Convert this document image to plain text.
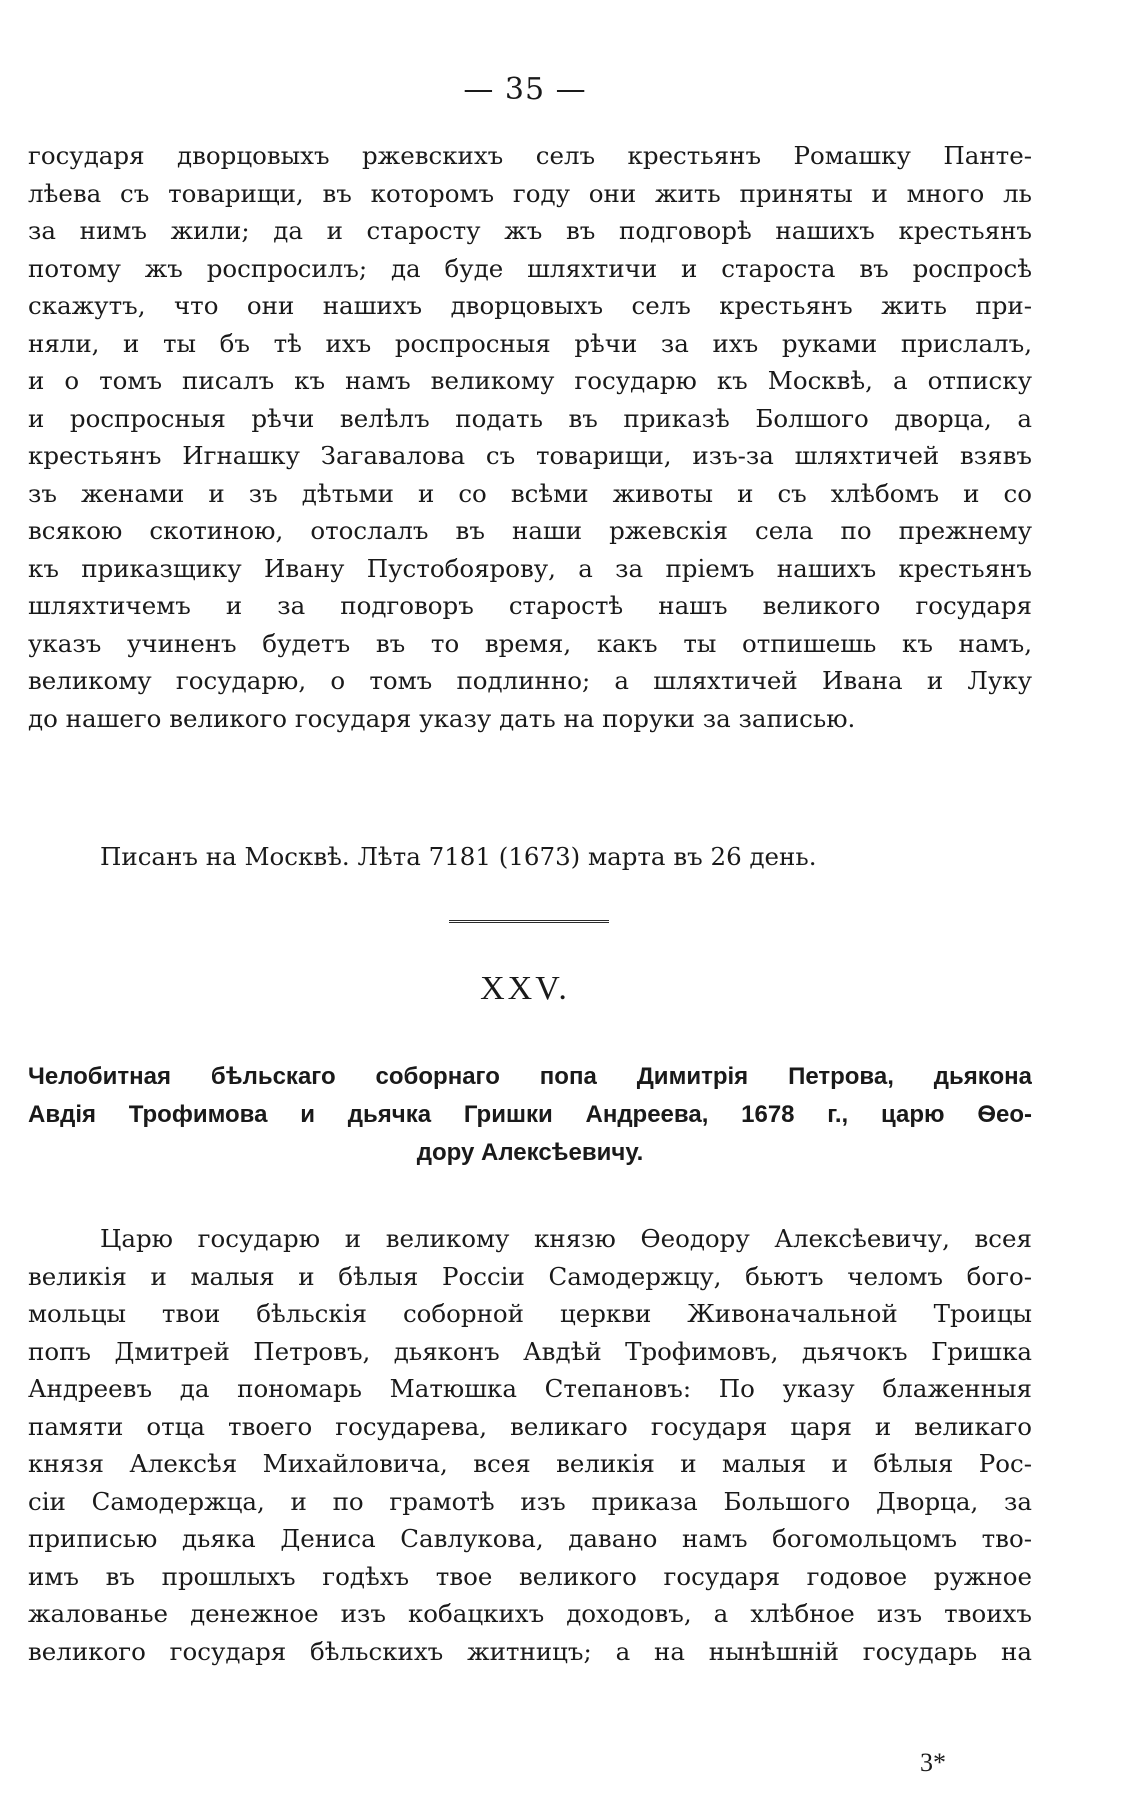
— 35 —
государя дворцовыхъ ржевскихъ селъ крестьянъ Ромашку Панте-
лѣева съ товарищи, въ которомъ году они жить приняты и много ль
за нимъ жили; да и старосту жъ въ подговорѣ нашихъ крестьянъ
потому жъ роспросилъ; да буде шляхтичи и староста въ роспросѣ
скажутъ, что они нашихъ дворцовыхъ селъ крестьянъ жить при-
няли, и ты бъ тѣ ихъ роспросныя рѣчи за ихъ руками прислалъ,
и о томъ писалъ къ намъ великому государю къ Москвѣ, а отписку
и роспросныя рѣчи велѣлъ подать въ приказѣ Болшого дворца, а
крестьянъ Игнашку Загавалова съ товарищи, изъ-за шляхтичей взявъ
зъ женами и зъ дѣтьми и со всѣми животы и съ хлѣбомъ и со
всякою скотиною, отослалъ въ наши ржевскія села по прежнему
къ приказщику Ивану Пустобоярову, а за пріемъ нашихъ крестьянъ
шляхтичемъ и за подговоръ старостѣ нашъ великого государя
указъ учиненъ будетъ въ то время, какъ ты отпишешь къ намъ,
великому государю, о томъ подлинно; а шляхтичей Ивана и Луку
до нашего великого государя указу дать на поруки за записью.
Писанъ на Москвѣ. Лѣта 7181 (1673) марта въ 26 день.
XXV.
Челобитная бѣльскаго соборнаго попа Димитрія Петрова, дьякона
Авдія Трофимова и дьячка Гришки Андреева, 1678 г., царю Ѳео-
дору Алексѣевичу.
Царю государю и великому князю Ѳеодору Алексѣевичу, всея
великія и малыя и бѣлыя Россіи Самодержцу, бьютъ челомъ бого-
мольцы твои бѣльскія соборной церкви Живоначальной Троицы
попъ Дмитрей Петровъ, дьяконъ Авдѣй Трофимовъ, дьячокъ Гришка
Андреевъ да пономарь Матюшка Степановъ: По указу блаженныя
памяти отца твоего государева, великаго государя царя и великаго
князя Алексѣя Михайловича, всея великія и малыя и бѣлыя Рос-
сіи Самодержца, и по грамотѣ изъ приказа Большого Дворца, за
приписью дьяка Дениса Савлукова, давано намъ богомольцомъ тво-
имъ въ прошлыхъ годѣхъ твое великого государя годовое ружное
жалованье денежное изъ кобацкихъ доходовъ, а хлѣбное изъ твоихъ
великого государя бѣльскихъ житницъ; а на нынѣшній государь на
3*
